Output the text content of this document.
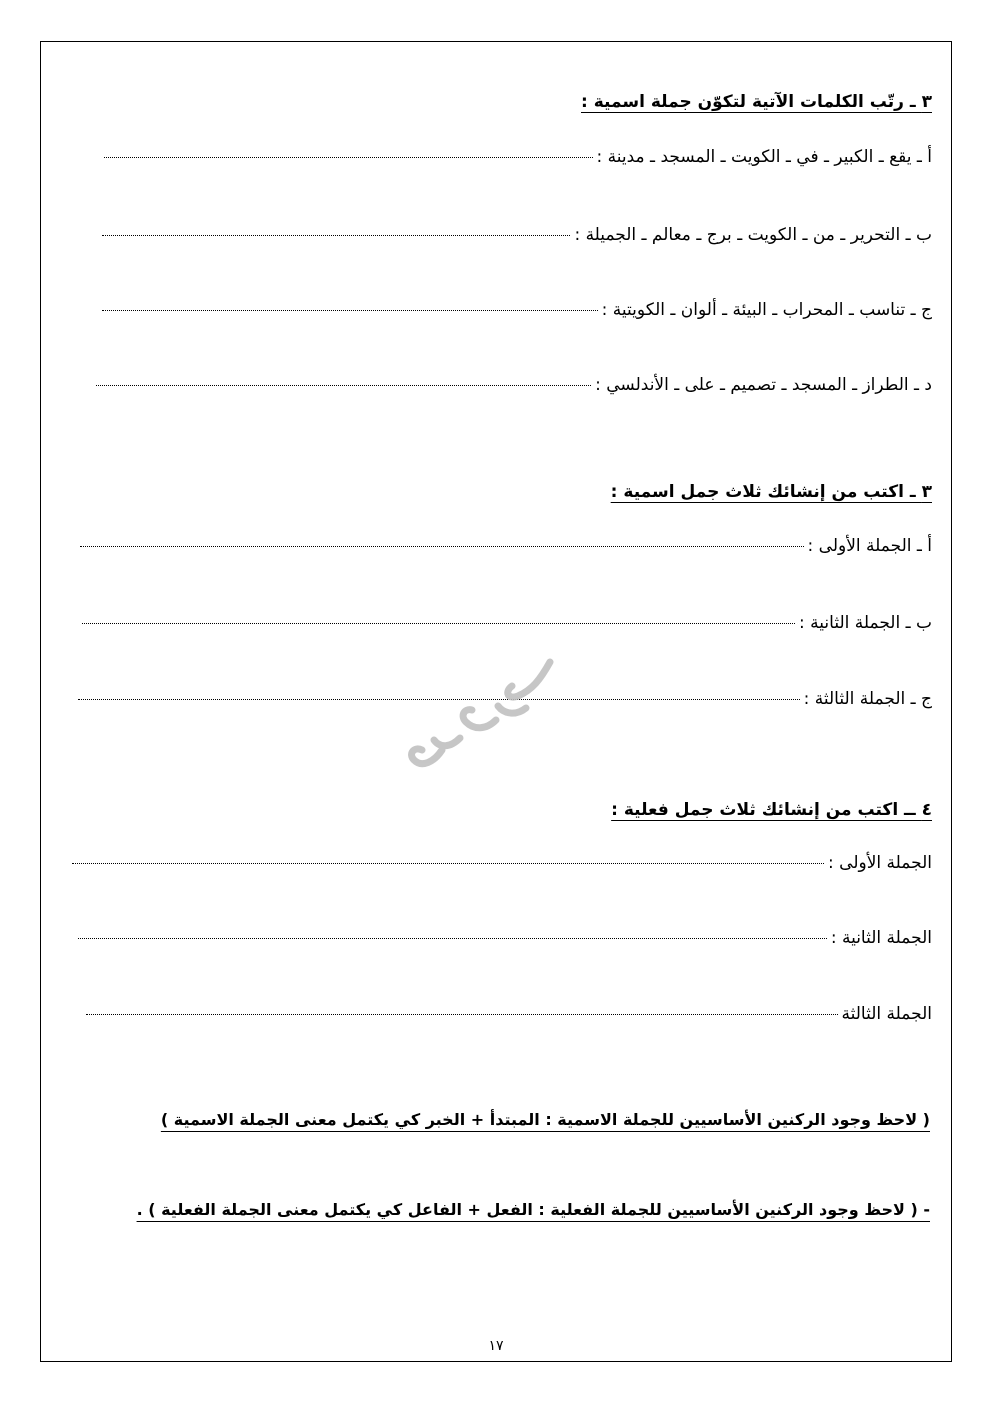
٣ ـ رتّب الكلمات الآتية لتكوّن جملة اسمية :
أ ـ يقع ـ الكبير ـ في ـ الكويت ـ المسجد ـ مدينة :
ب ـ التحرير ـ من ـ الكويت ـ برج ـ معالم ـ الجميلة :
ج ـ تناسب ـ المحراب ـ البيئة ـ ألوان ـ الكويتية :
د ـ الطراز ـ المسجد ـ تصميم ـ على ـ الأندلسي :
٣ ـ اكتب من إنشائك ثلاث جمل اسمية :
أ ـ الجملة الأولى :
ب ـ الجملة الثانية :
ج ـ الجملة الثالثة :
٤ ــ اكتب من إنشائك ثلاث جمل فعلية :
الجملة الأولى :
الجملة الثانية :
الجملة الثالثة
( لاحظ وجود الركنين الأساسيين للجملة الاسمية : المبتدأ + الخبر كي يكتمل معنى الجملة الاسمية )
- ( لاحظ وجود الركنين الأساسيين للجملة الفعلية : الفعل + الفاعل كي يكتمل معنى الجملة الفعلية ) .
١٧
